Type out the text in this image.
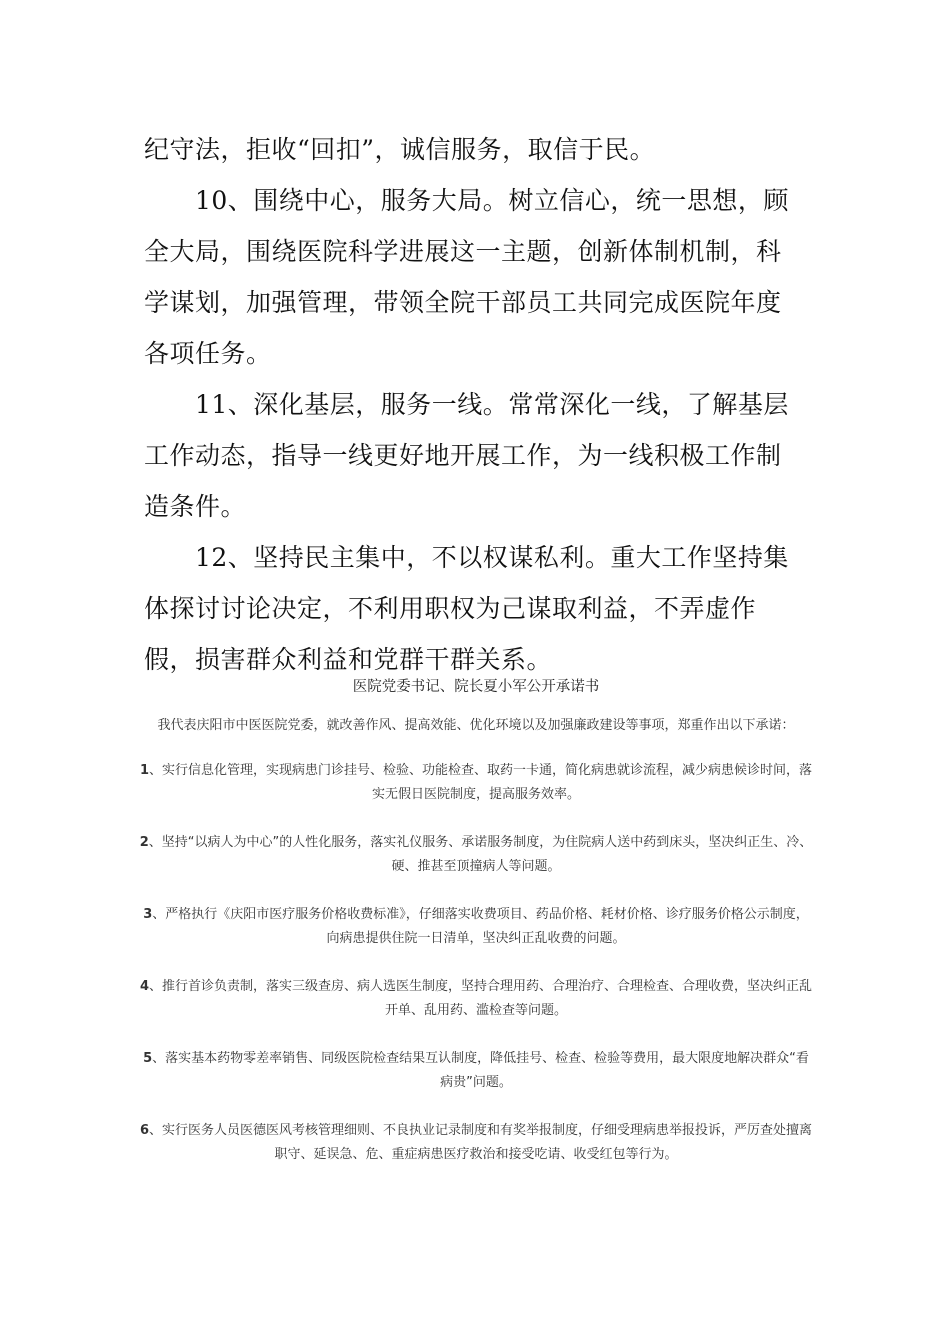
纪守法，拒收“回扣”，诚信服务，取信于民。

10、围绕中心，服务大局。树立信心，统一思想，顾全大局，围绕医院科学进展这一主题，创新体制机制，科学谋划，加强管理，带领全院干部员工共同完成医院年度各项任务。

11、深化基层，服务一线。常常深化一线，了解基层工作动态，指导一线更好地开展工作，为一线积极工作制造条件。

12、坚持民主集中，不以权谋私利。重大工作坚持集体探讨讨论决定，不利用职权为己谋取利益，不弄虚作假，损害群众利益和党群干群关系。

医院党委书记、院长夏小军公开承诺书

我代表庆阳市中医医院党委，就改善作风、提高效能、优化环境以及加强廉政建设等事项，郑重作出以下承诺：

1、实行信息化管理，实现病患门诊挂号、检验、功能检查、取药一卡通，简化病患就诊流程，减少病患候诊时间，落实无假日医院制度，提高服务效率。

2、坚持“以病人为中心”的人性化服务，落实礼仪服务、承诺服务制度，为住院病人送中药到床头，坚决纠正生、冷、硬、推甚至顶撞病人等问题。

3、严格执行《庆阳市医疗服务价格收费标准》，仔细落实收费项目、药品价格、耗材价格、诊疗服务价格公示制度，向病患提供住院一日清单，坚决纠正乱收费的问题。

4、推行首诊负责制，落实三级查房、病人选医生制度，坚持合理用药、合理治疗、合理检查、合理收费，坚决纠正乱开单、乱用药、滥检查等问题。

5、落实基本药物零差率销售、同级医院检查结果互认制度，降低挂号、检查、检验等费用，最大限度地解决群众“看病贵”问题。

6、实行医务人员医德医风考核管理细则、不良执业记录制度和有奖举报制度，仔细受理病患举报投诉，严厉查处擅离职守、延误急、危、重症病患医疗救治和接受吃请、收受红包等行为。
